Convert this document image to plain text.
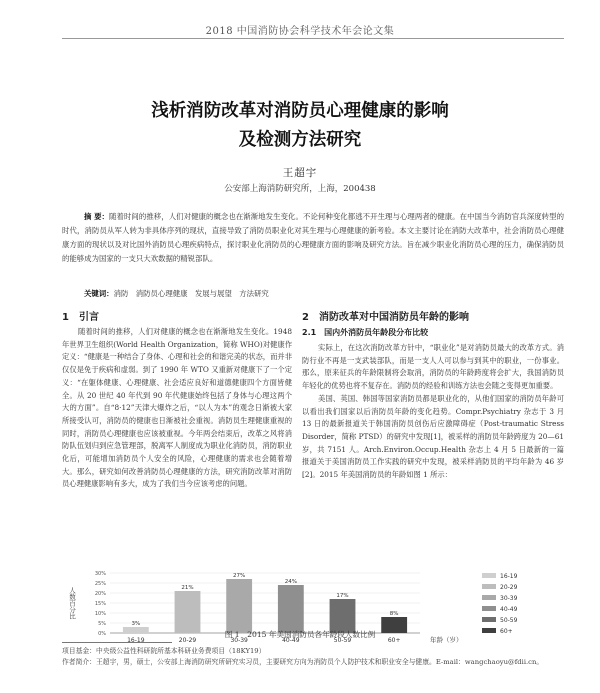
2018 中国消防协会科学技术年会论文集
浅析消防改革对消防员心理健康的影响
及检测方法研究
王超宇
公安部上海消防研究所，上海，200438
摘 要：随着时间的推移，人们对健康的概念也在渐渐地发生变化。不论何种变化都逃不开生理与心理两者的健康。在中国当今消防官兵深度转型的时代，消防员从军人转为非具体序列的现状，直接导致了消防员职业化对其生理与心理健康的新考验。本文主要讨论在消防大改革中，社会消防员心理健康方面的现状以及对比国外消防员心理疾病特点，探讨职业化消防员的心理健康方面的影响及研究方法。旨在减少职业化消防员心理的压力，确保消防员的能够成为国家的一支只大欢数据的精锐部队。
关键词：消防　消防员心理健康　发展与展望　方法研究
1　引言

随着时间的推移，人们对健康的概念也在渐渐地发生变化。1948 年世界卫生组织(World Health Organization，简称 WHO)对健康作定义：“健康是一种结合了身体、心理和社会的和谐完美的状态，而并非仅仅是免于疾病和虚弱。到了 1990 年 WTO 又重新对健康下了一个定义：“在躯体健康、心理健康、社会适应良好和道德健康四个方面皆健全。从 20 世纪 40 年代到 90 年代健康始终包括了身体与心理这两个大的方面”。自“8·12”天津大爆炸之后，“以人为本”的观念日渐被大家所接受认可，消防员的健康也日渐被社会重视。消防员生理健康重视的同时，消防员心理健康也应该被重视。今年两会结束后，改革之风将消防队伍划归到应急管理部，脱离军人制度成为职业化消防员，消防职业化后，可能增加消防员个人安全的风险，心理健康的需求也会随着增大。那么，研究如何改善消防员心理健康的方法，研究消防改革对消防员心理健康影响有多大，成为了我们当今应该考虑的问题。

2　消防改革对中国消防员年龄的影响
2.1　国内外消防员年龄段分布比较

实际上，在这次消防改革方针中，“职业化”是对消防员最大的改革方式。消防行业不再是一支武装部队，而是一支人人可以参与到其中的职业，一份事业。那么，原来征兵的年龄限制将会取消，消防员的年龄跨度将会扩大，我国消防员年轻化的优势也将不复存在。消防员的经验和训练方法也会随之变得更加重要。

美国、英国、韩国等国家消防员都是职业化的，从他们国家的消防员年龄可以看出我们国家以后消防员年龄的变化趋势。Compr.Psychiatry 杂志于 3 月 13 日的最新报道关于韩国消防员创伤后应激障碍症（Post-traumatic Stress Disorder，简称 PTSD）的研究中发现[1]，被采样的消防员年龄跨度为 20—61 岁，共 7151 人。Arch.Environ.Occup.Health 杂志上 4 月 5 日最新的一篇报道关于美国消防员工作实践的研究中发现，被采样消防员的平均年龄为 46 岁[2]。2015 年美国消防员的年龄如图 1 所示：

人数百分比
0%
5%
10%
15%
20%
25%
30%
3%
16-19
21%
20-29
27%
30-39
24%
40-49
17%
50-59
8%
60+	年龄（岁）
16-19
20-29
30-39
40-49
50-59
60+
图 1　2015 年美国消防员各年龄段人数比例
项目基金：中央级公益性科研院所基本科研业务费项目（18KY19）
作者简介：王超宇，男，硕士，公安部上海消防研究所研究实习员，主要研究方向为消防员个人防护技术和职业安全与健康。E-mail：wangchaoyu@fdii.cn。
